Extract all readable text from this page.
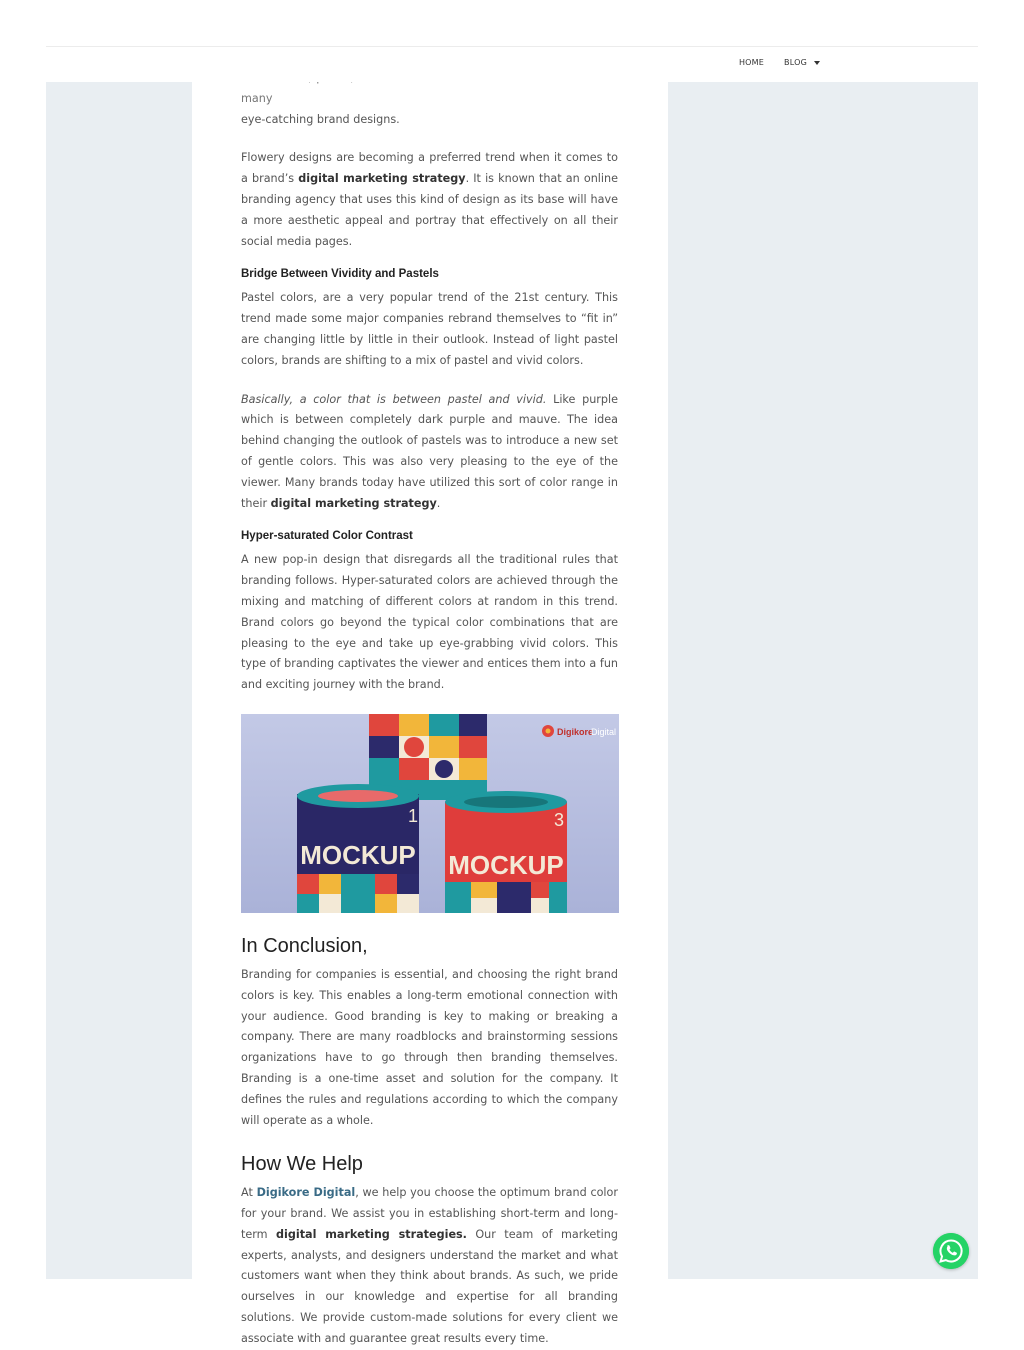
HOME	BLOG

many

eye-catching brand designs.

Flowery designs are becoming a preferred trend when it comes to a brand’s digital marketing strategy. It is known that an online branding agency that uses this kind of design as its base will have a more aesthetic appeal and portray that effectively on all their social media pages.

Bridge Between Vividity and Pastels

Pastel colors, are a very popular trend of the 21st century. This trend made some major companies rebrand themselves to “fit in” are changing little by little in their outlook. Instead of light pastel colors, brands are shifting to a mix of pastel and vivid colors.

Basically, a color that is between pastel and vivid. Like purple which is between completely dark purple and mauve. The idea behind changing the outlook of pastels was to introduce a new set of gentle colors. This was also very pleasing to the eye of the viewer. Many brands today have utilized this sort of color range in their digital marketing strategy.

Hyper-saturated Color Contrast

A new pop-in design that disregards all the traditional rules that branding follows. Hyper-saturated colors are achieved through the mixing and matching of different colors at random in this trend. Brand colors go beyond the typical color combinations that are pleasing to the eye and take up eye-grabbing vivid colors. This type of branding captivates the viewer and entices them into a fun and exciting journey with the brand.

MOCKUP
1
MOCKUP
3
Digikore
Digital
In Conclusion,

Branding for companies is essential, and choosing the right brand colors is key. This enables a long-term emotional connection with your audience. Good branding is key to making or breaking a company. There are many roadblocks and brainstorming sessions organizations have to go through then branding themselves. Branding is a one-time asset and solution for the company. It defines the rules and regulations according to which the company will operate as a whole.

How We Help

At Digikore Digital, we help you choose the optimum brand color for your brand. We assist you in establishing short-term and long-term digital marketing strategies. Our team of marketing experts, analysts, and designers understand the market and what customers want when they think about brands. As such, we pride ourselves in our knowledge and expertise for all branding solutions. We provide custom-made solutions for every client we associate with and guarantee great results every time.
